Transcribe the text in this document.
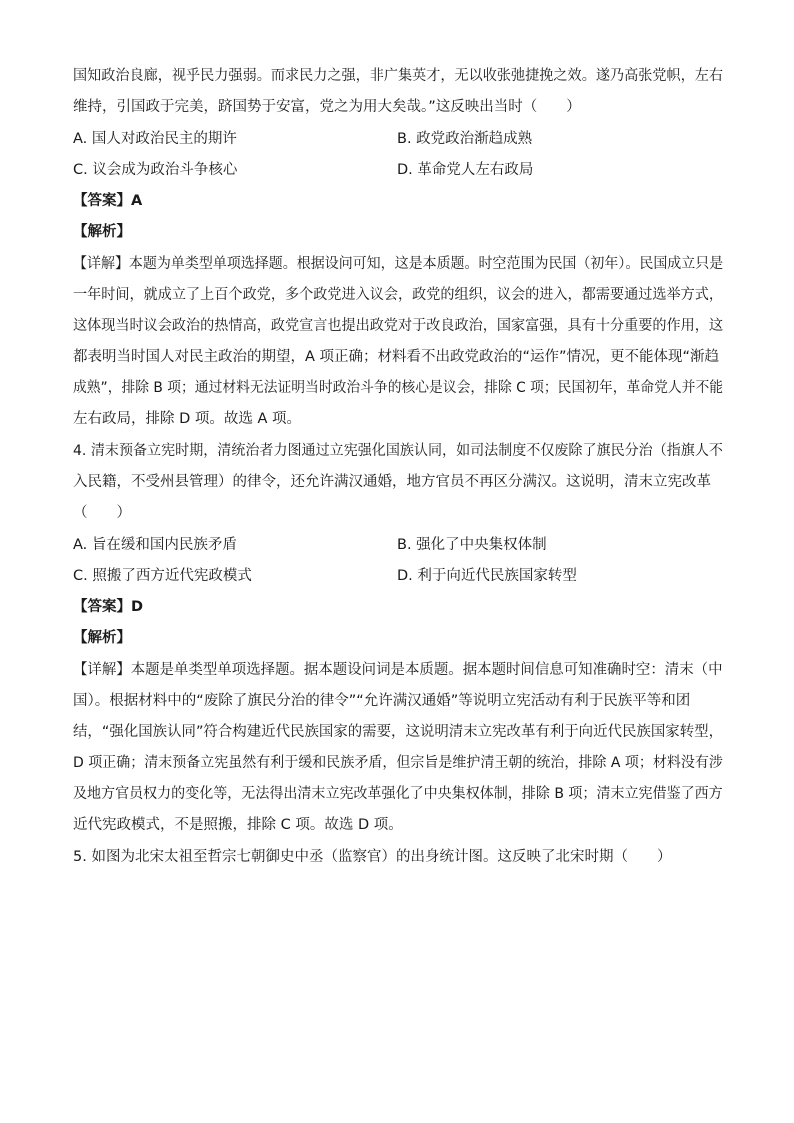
国知政治良廊，视乎民力强弱。而求民力之强，非广集英才，无以收张弛捷挽之效。遂乃高张党帜，左右
维持，引国政于完美，跻国势于安富，党之为用大矣哉。”这反映出当时（　　）
A. 国人对政治民主的期许	B. 政党政治渐趋成熟
C. 议会成为政治斗争核心	D. 革命党人左右政局
【答案】A
【解析】
【详解】本题为单类型单项选择题。根据设问可知，这是本质题。时空范围为民国（初年）。民国成立只是
一年时间，就成立了上百个政党，多个政党进入议会，政党的组织，议会的进入，都需要通过选举方式，
这体现当时议会政治的热情高，政党宣言也提出政党对于改良政治，国家富强，具有十分重要的作用，这
都表明当时国人对民主政治的期望，A 项正确；材料看不出政党政治的“运作”情况，更不能体现“渐趋
成熟”，排除 B 项；通过材料无法证明当时政治斗争的核心是议会，排除 C 项；民国初年，革命党人并不能
左右政局，排除 D 项。故选 A 项。
4. 清末预备立宪时期，清统治者力图通过立宪强化国族认同，如司法制度不仅废除了旗民分治（指旗人不
入民籍，不受州县管理）的律令，还允许满汉通婚，地方官员不再区分满汉。这说明，清末立宪改革
（　　）
A. 旨在缓和国内民族矛盾	B. 强化了中央集权体制
C. 照搬了西方近代宪政模式	D. 利于向近代民族国家转型
【答案】D
【解析】
【详解】本题是单类型单项选择题。据本题设问词是本质题。据本题时间信息可知准确时空：清末（中
国）。根据材料中的“废除了旗民分治的律令”“允许满汉通婚”等说明立宪活动有利于民族平等和团
结，“强化国族认同”符合构建近代民族国家的需要，这说明清末立宪改革有利于向近代民族国家转型，
D 项正确；清末预备立宪虽然有利于缓和民族矛盾，但宗旨是维护清王朝的统治，排除 A 项；材料没有涉
及地方官员权力的变化等，无法得出清末立宪改革强化了中央集权体制，排除 B 项；清末立宪借鉴了西方
近代宪政模式，不是照搬，排除 C 项。故选 D 项。
5. 如图为北宋太祖至哲宗七朝御史中丞（监察官）的出身统计图。这反映了北宋时期（　　）
